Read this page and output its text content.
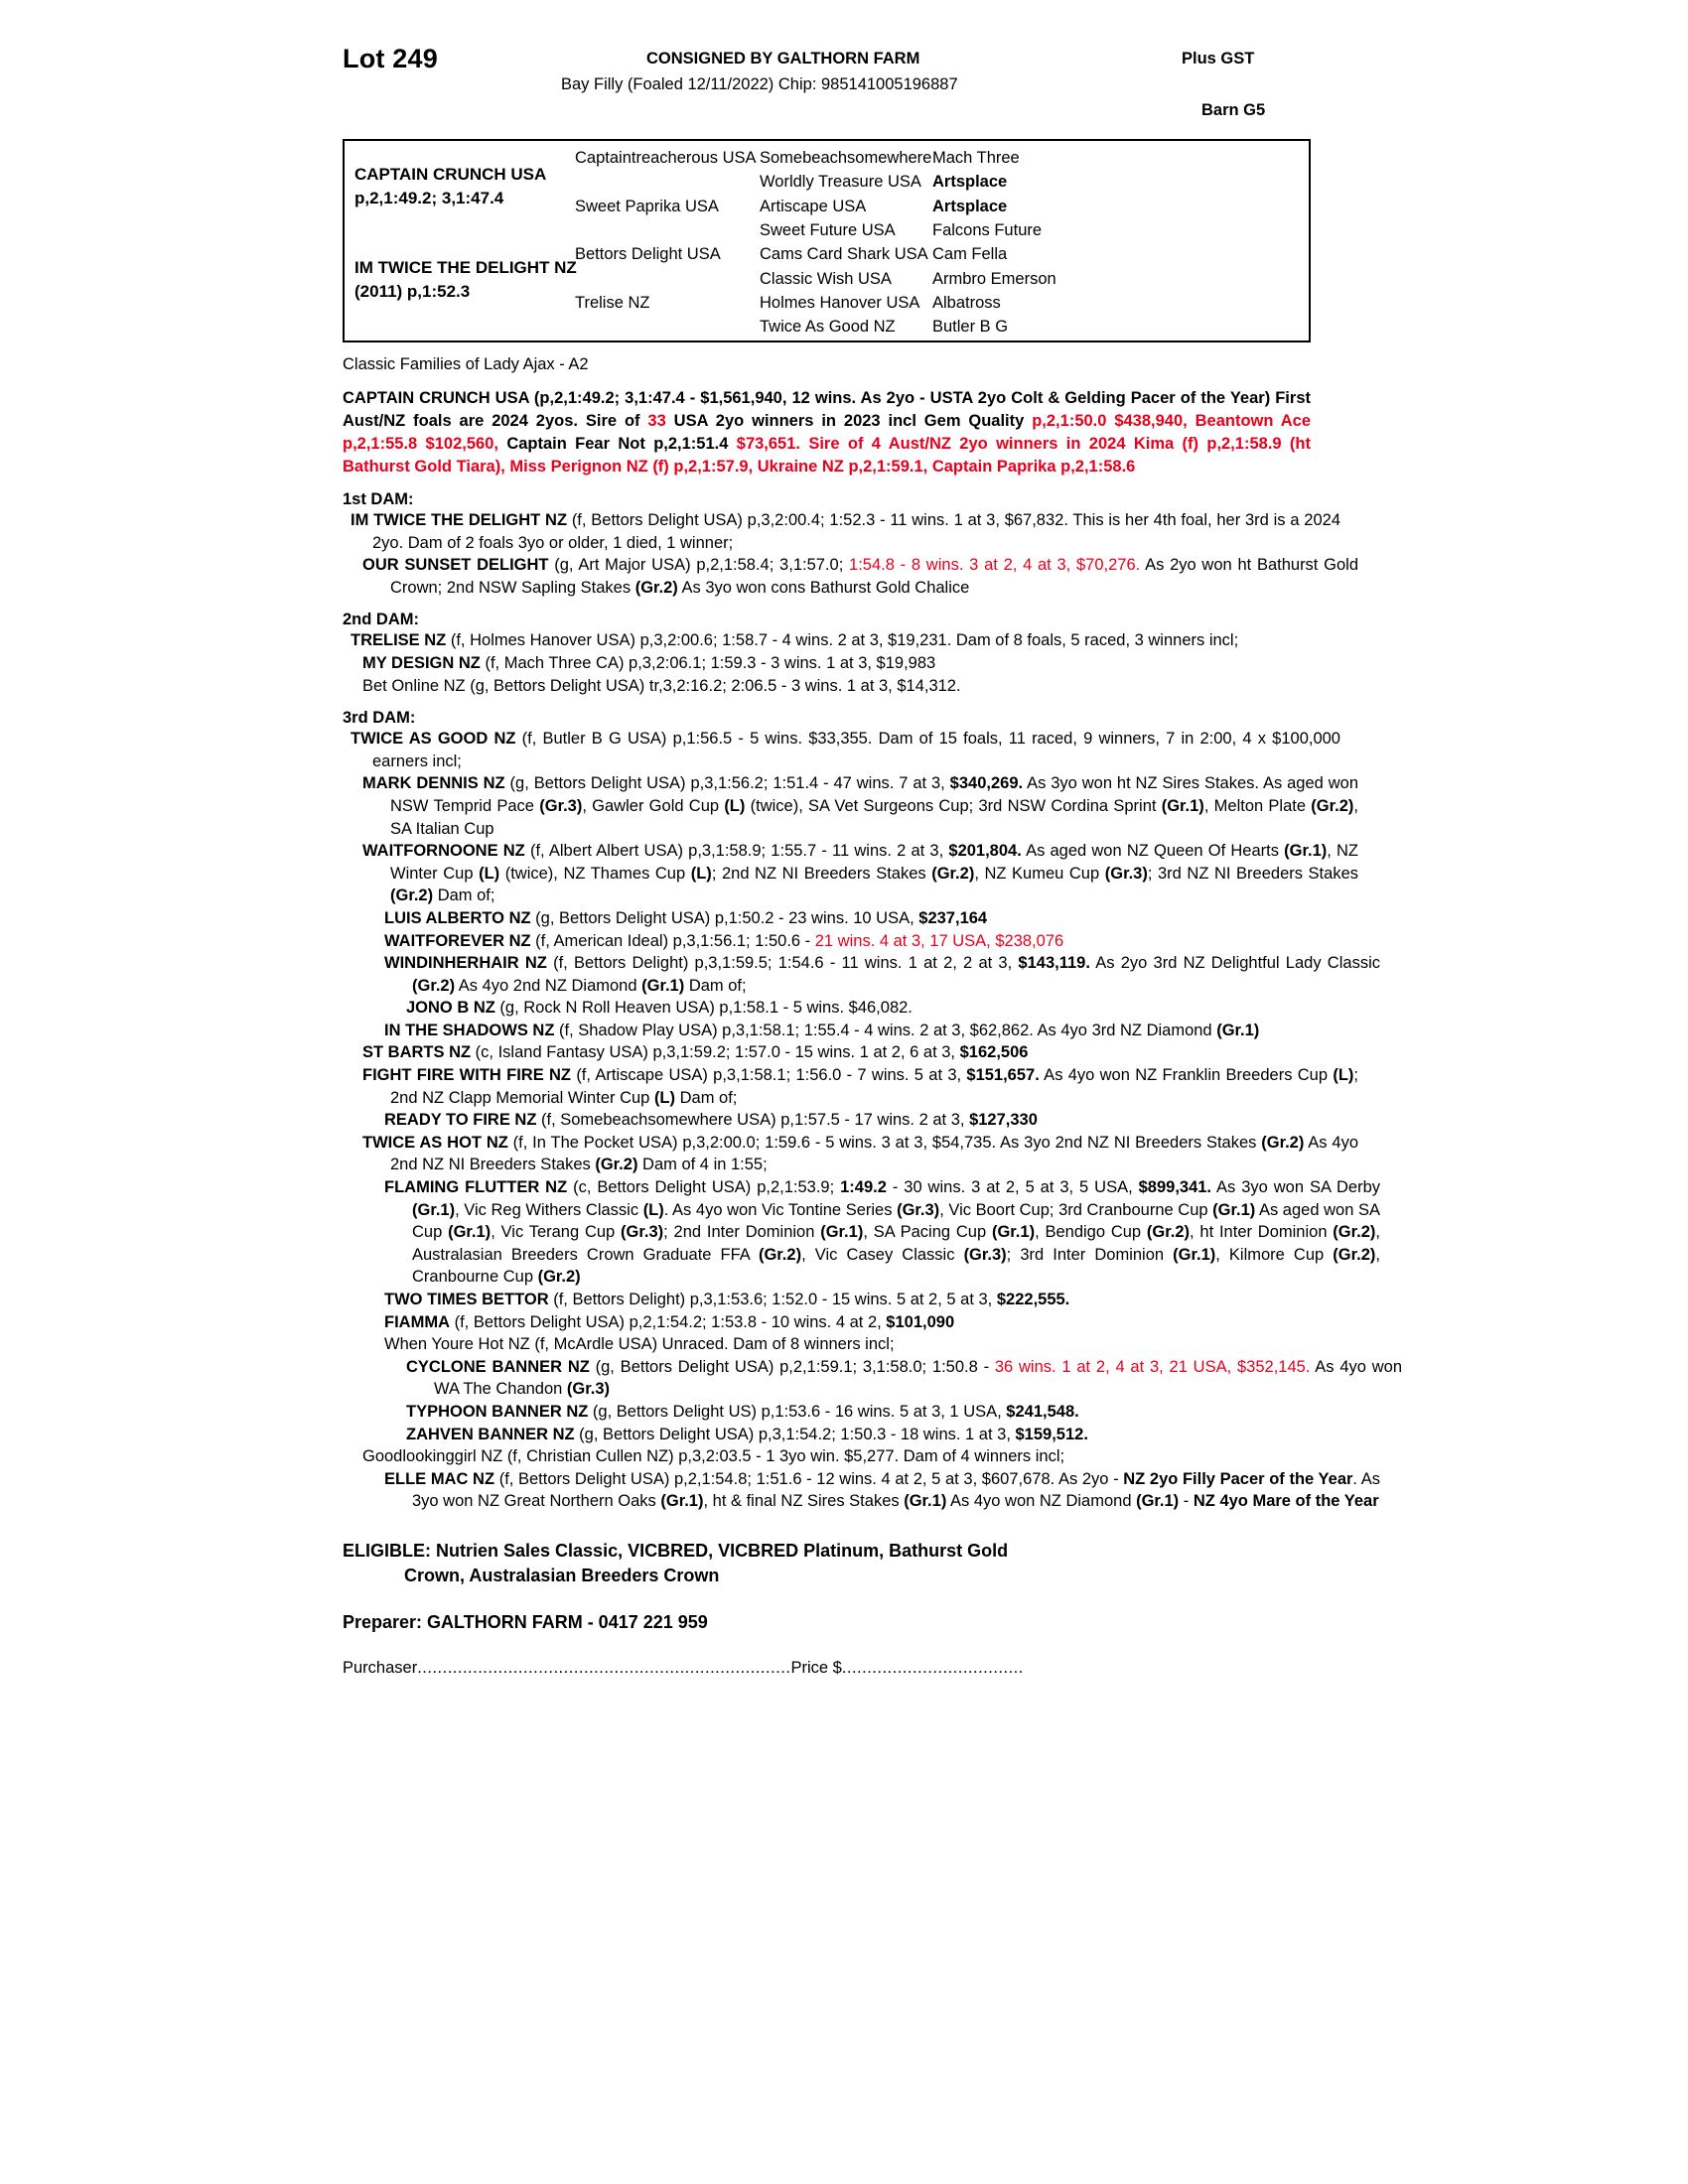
Lot 249	CONSIGNED BY GALTHORN FARM	Plus GST
Bay Filly (Foaled 12/11/2022) Chip: 985141005196887
Barn G5
CAPTAIN CRUNCH USA
p,2,1:49.2; 3,1:47.4
IM TWICE THE DELIGHT NZ
(2011) p,1:52.3
Captaintreacherous USA
Sweet Paprika USA
Bettors Delight USA
Trelise NZ
Somebeachsomewhere
Worldly Treasure USA
Artiscape USA
Sweet Future USA
Cams Card Shark USA
Classic Wish USA
Holmes Hanover USA
Twice As Good NZ
Mach Three
Artsplace
Artsplace
Falcons Future
Cam Fella
Armbro Emerson
Albatross
Butler B G
Classic Families of Lady Ajax - A2
CAPTAIN CRUNCH USA (p,2,1:49.2; 3,1:47.4 - $1,561,940, 12 wins. As 2yo - USTA 2yo Colt & Gelding Pacer of the Year) First Aust/NZ foals are 2024 2yos. Sire of 33 USA 2yo winners in 2023 incl Gem Quality p,2,1:50.0 $438,940, Beantown Ace p,2,1:55.8 $102,560, Captain Fear Not p,2,1:51.4 $73,651. Sire of 4 Aust/NZ 2yo winners in 2024 Kima (f) p,2,1:58.9 (ht Bathurst Gold Tiara), Miss Perignon NZ (f) p,2,1:57.9, Ukraine NZ p,2,1:59.1, Captain Paprika p,2,1:58.6
1st DAM:
IM TWICE THE DELIGHT NZ (f, Bettors Delight USA) p,3,2:00.4; 1:52.3 - 11 wins. 1 at 3, $67,832. This is her 4th foal, her 3rd is a 2024 2yo. Dam of 2 foals 3yo or older, 1 died, 1 winner;
OUR SUNSET DELIGHT (g, Art Major USA) p,2,1:58.4; 3,1:57.0; 1:54.8 - 8 wins. 3 at 2, 4 at 3, $70,276. As 2yo won ht Bathurst Gold Crown; 2nd NSW Sapling Stakes (Gr.2) As 3yo won cons Bathurst Gold Chalice
2nd DAM:
TRELISE NZ (f, Holmes Hanover USA) p,3,2:00.6; 1:58.7 - 4 wins. 2 at 3, $19,231. Dam of 8 foals, 5 raced, 3 winners incl;
MY DESIGN NZ (f, Mach Three CA) p,3,2:06.1; 1:59.3 - 3 wins. 1 at 3, $19,983
Bet Online NZ (g, Bettors Delight USA) tr,3,2:16.2; 2:06.5 - 3 wins. 1 at 3, $14,312.
3rd DAM:
TWICE AS GOOD NZ (f, Butler B G USA) p,1:56.5 - 5 wins. $33,355. Dam of 15 foals, 11 raced, 9 winners, 7 in 2:00, 4 x $100,000 earners incl;
MARK DENNIS NZ (g, Bettors Delight USA) p,3,1:56.2; 1:51.4 - 47 wins. 7 at 3, $340,269. As 3yo won ht NZ Sires Stakes. As aged won NSW Temprid Pace (Gr.3), Gawler Gold Cup (L) (twice), SA Vet Surgeons Cup; 3rd NSW Cordina Sprint (Gr.1), Melton Plate (Gr.2), SA Italian Cup
WAITFORNOONE NZ (f, Albert Albert USA) p,3,1:58.9; 1:55.7 - 11 wins. 2 at 3, $201,804. As aged won NZ Queen Of Hearts (Gr.1), NZ Winter Cup (L) (twice), NZ Thames Cup (L); 2nd NZ NI Breeders Stakes (Gr.2), NZ Kumeu Cup (Gr.3); 3rd NZ NI Breeders Stakes (Gr.2) Dam of;
LUIS ALBERTO NZ (g, Bettors Delight USA) p,1:50.2 - 23 wins. 10 USA, $237,164
WAITFOREVER NZ (f, American Ideal) p,3,1:56.1; 1:50.6 - 21 wins. 4 at 3, 17 USA, $238,076
WINDINHERHAIR NZ (f, Bettors Delight) p,3,1:59.5; 1:54.6 - 11 wins. 1 at 2, 2 at 3, $143,119. As 2yo 3rd NZ Delightful Lady Classic (Gr.2) As 4yo 2nd NZ Diamond (Gr.1) Dam of;
JONO B NZ (g, Rock N Roll Heaven USA) p,1:58.1 - 5 wins. $46,082.
IN THE SHADOWS NZ (f, Shadow Play USA) p,3,1:58.1; 1:55.4 - 4 wins. 2 at 3, $62,862. As 4yo 3rd NZ Diamond (Gr.1)
ST BARTS NZ (c, Island Fantasy USA) p,3,1:59.2; 1:57.0 - 15 wins. 1 at 2, 6 at 3, $162,506
FIGHT FIRE WITH FIRE NZ (f, Artiscape USA) p,3,1:58.1; 1:56.0 - 7 wins. 5 at 3, $151,657. As 4yo won NZ Franklin Breeders Cup (L); 2nd NZ Clapp Memorial Winter Cup (L) Dam of;
READY TO FIRE NZ (f, Somebeachsomewhere USA) p,1:57.5 - 17 wins. 2 at 3, $127,330
TWICE AS HOT NZ (f, In The Pocket USA) p,3,2:00.0; 1:59.6 - 5 wins. 3 at 3, $54,735. As 3yo 2nd NZ NI Breeders Stakes (Gr.2) As 4yo 2nd NZ NI Breeders Stakes (Gr.2) Dam of 4 in 1:55;
FLAMING FLUTTER NZ (c, Bettors Delight USA) p,2,1:53.9; 1:49.2 - 30 wins. 3 at 2, 5 at 3, 5 USA, $899,341. As 3yo won SA Derby (Gr.1), Vic Reg Withers Classic (L). As 4yo won Vic Tontine Series (Gr.3), Vic Boort Cup; 3rd Cranbourne Cup (Gr.1) As aged won SA Cup (Gr.1), Vic Terang Cup (Gr.3); 2nd Inter Dominion (Gr.1), SA Pacing Cup (Gr.1), Bendigo Cup (Gr.2), ht Inter Dominion (Gr.2), Australasian Breeders Crown Graduate FFA (Gr.2), Vic Casey Classic (Gr.3); 3rd Inter Dominion (Gr.1), Kilmore Cup (Gr.2), Cranbourne Cup (Gr.2)
TWO TIMES BETTOR (f, Bettors Delight) p,3,1:53.6; 1:52.0 - 15 wins. 5 at 2, 5 at 3, $222,555.
FIAMMA (f, Bettors Delight USA) p,2,1:54.2; 1:53.8 - 10 wins. 4 at 2, $101,090
When Youre Hot NZ (f, McArdle USA) Unraced. Dam of 8 winners incl;
CYCLONE BANNER NZ (g, Bettors Delight USA) p,2,1:59.1; 3,1:58.0; 1:50.8 - 36 wins. 1 at 2, 4 at 3, 21 USA, $352,145. As 4yo won WA The Chandon (Gr.3)
TYPHOON BANNER NZ (g, Bettors Delight US) p,1:53.6 - 16 wins. 5 at 3, 1 USA, $241,548.
ZAHVEN BANNER NZ (g, Bettors Delight USA) p,3,1:54.2; 1:50.3 - 18 wins. 1 at 3, $159,512.
Goodlookinggirl NZ (f, Christian Cullen NZ) p,3,2:03.5 - 1 3yo win. $5,277. Dam of 4 winners incl;
ELLE MAC NZ (f, Bettors Delight USA) p,2,1:54.8; 1:51.6 - 12 wins. 4 at 2, 5 at 3, $607,678. As 2yo - NZ 2yo Filly Pacer of the Year. As 3yo won NZ Great Northern Oaks (Gr.1), ht & final NZ Sires Stakes (Gr.1) As 4yo won NZ Diamond (Gr.1) - NZ 4yo Mare of the Year
ELIGIBLE: Nutrien Sales Classic, VICBRED, VICBRED Platinum, Bathurst Gold
Crown, Australasian Breeders Crown
Preparer: GALTHORN FARM - 0417 221 959
Purchaser..........................................................................Price $....................................
